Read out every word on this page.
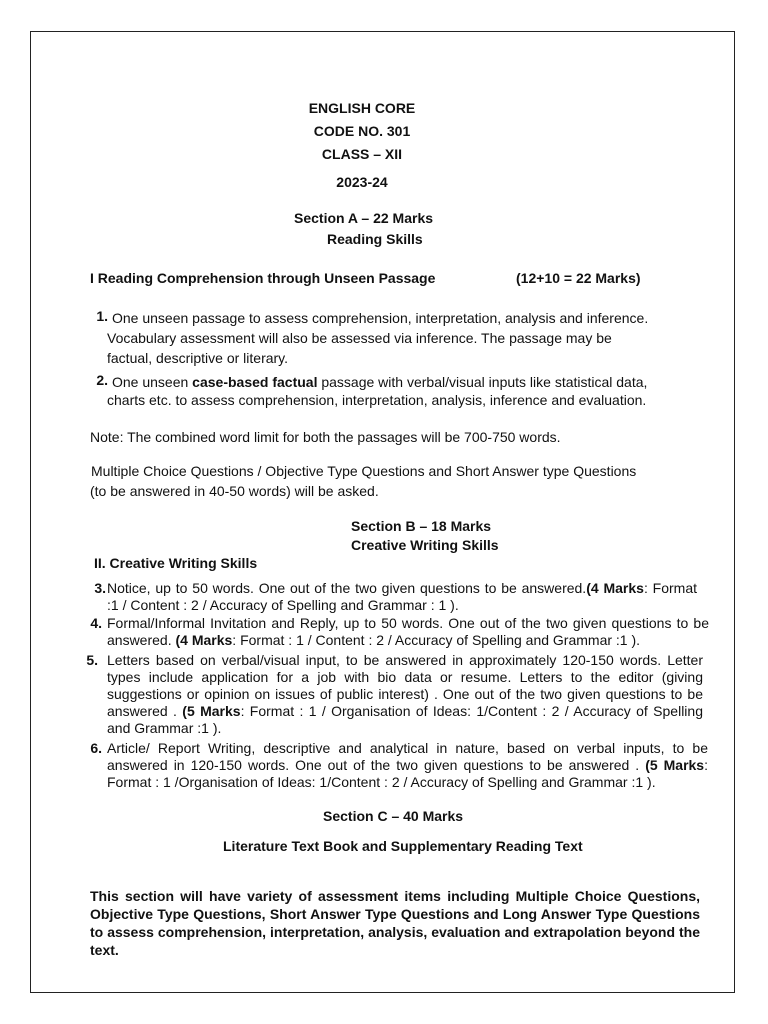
ENGLISH CORE
CODE NO. 301
CLASS – XII
2023-24
Section A – 22 Marks
Reading Skills
I Reading Comprehension through Unseen Passage	(12+10 = 22 Marks)
1. One unseen passage to assess comprehension, interpretation, analysis and inference.
Vocabulary assessment will also be assessed via inference. The passage may be
factual, descriptive or literary.
2. One unseen case-based factual passage with verbal/visual inputs like statistical data,
charts etc. to assess comprehension, interpretation, analysis, inference and evaluation.
Note: The combined word limit for both the passages will be 700-750 words.
Multiple Choice Questions / Objective Type Questions and Short Answer type Questions
(to be answered in 40-50 words) will be asked.
Section B – 18 Marks
Creative Writing Skills
II. Creative Writing Skills
3. Notice, up to 50 words. One out of the two given questions to be answered.(4 Marks: Format :1 / Content : 2 / Accuracy of Spelling and Grammar : 1 ).
4. Formal/Informal Invitation and Reply, up to 50 words. One out of the two given questions to be answered. (4 Marks: Format : 1 / Content : 2 / Accuracy of Spelling and Grammar :1 ).
5. Letters based on verbal/visual input, to be answered in approximately 120-150 words. Letter types include application for a job with bio data or resume. Letters to the editor (giving suggestions or opinion on issues of public interest) . One out of the two given questions to be answered . (5 Marks: Format : 1 / Organisation of Ideas: 1/Content : 2 / Accuracy of Spelling and Grammar :1 ).
6. Article/ Report Writing, descriptive and analytical in nature, based on verbal inputs, to be answered in 120-150 words. One out of the two given questions to be answered . (5 Marks: Format : 1 /Organisation of Ideas: 1/Content : 2 / Accuracy of Spelling and Grammar :1 ).
Section C – 40 Marks
Literature Text Book and Supplementary Reading Text
This section will have variety of assessment items including Multiple Choice Questions, Objective Type Questions, Short Answer Type Questions and Long Answer Type Questions to assess comprehension, interpretation, analysis, evaluation and extrapolation beyond the text.
